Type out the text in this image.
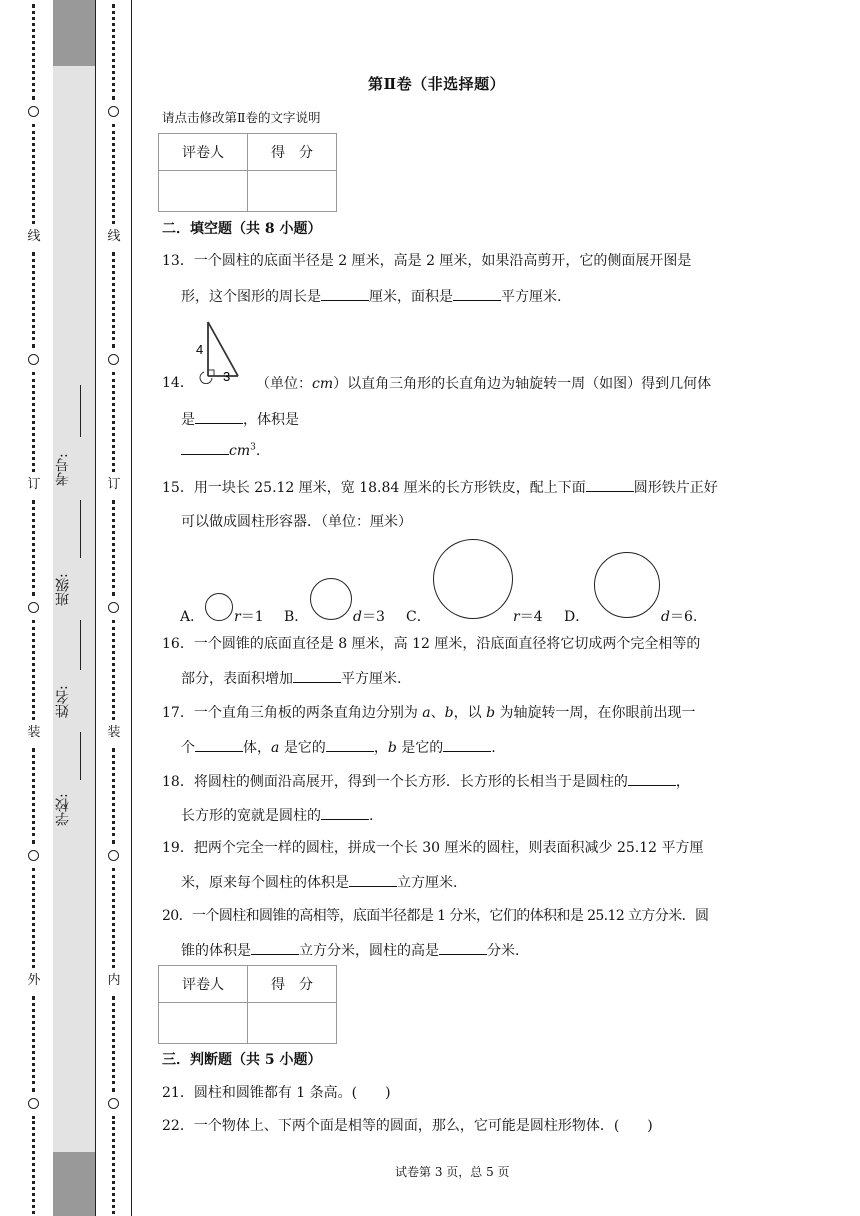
线
订
装
外
学校:
姓名:
班级:
考号:
线
订
装
内
第Ⅱ卷（非选择题）
请点击修改第Ⅱ卷的文字说明
评卷人	得　分

二．填空题（共 8 小题）
13．一个圆柱的底面半径是 2 厘米，高是 2 厘米，如果沿高剪开，它的侧面展开图是
形，这个图形的周长是	厘米，面积是	平方厘米.
4
3
14．	（单位：cm）以直角三角形的长直角边为轴旋转一周（如图）得到几何体
是	，体积是
$cm^3$.
15．用一块长 25.12 厘米，宽 18.84 厘米的长方形铁皮，配上下面	圆形铁片正好
可以做成圆柱形容器．（单位：厘米）
A． r＝1 B．	d＝3 C．	r＝4 D．	d＝6.
16．一个圆锥的底面直径是 8 厘米，高 12 厘米，沿底面直径将它切成两个完全相等的
部分，表面积增加	平方厘米.
17．一个直角三角板的两条直角边分别为 a、b，以 b 为轴旋转一周，在你眼前出现一
个	体，a 是它的	，b 是它的	.
18．将圆柱的侧面沿高展开，得到一个长方形．长方形的长相当于是圆柱的	，
长方形的宽就是圆柱的	.
19．把两个完全一样的圆柱，拼成一个长 30 厘米的圆柱，则表面积减少 25.12 平方厘
米，原来每个圆柱的体积是	立方厘米.
20．一个圆柱和圆锥的高相等，底面半径都是 1 分米，它们的体积和是 25.12 立方分米．圆
锥的体积是	立方分米，圆柱的高是	分米.
评卷人	得　分

三．判断题（共 5 小题）
21．圆柱和圆锥都有 1 条高。(　　)
22．一个物体上、下两个面是相等的圆面，那么，它可能是圆柱形物体．(　　)
试卷第 3 页，总 5 页
